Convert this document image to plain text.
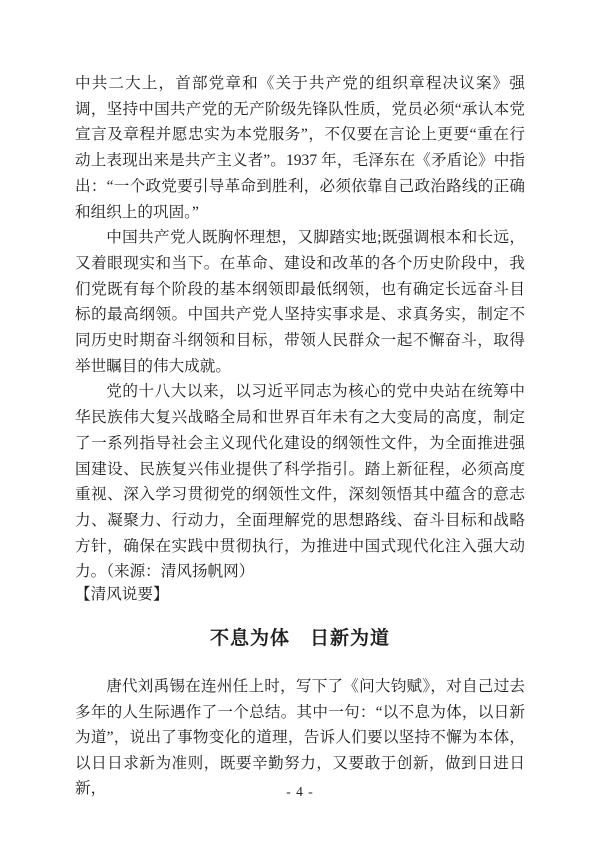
中共二大上，首部党章和《关于共产党的组织章程决议案》强调，坚持中国共产党的无产阶级先锋队性质，党员必须“承认本党宣言及章程并愿忠实为本党服务”，不仅要在言论上更要“重在行动上表现出来是共产主义者”。1937 年，毛泽东在《矛盾论》中指出：“一个政党要引导革命到胜利，必须依靠自己政治路线的正确和组织上的巩固。”

中国共产党人既胸怀理想，又脚踏实地;既强调根本和长远，又着眼现实和当下。在革命、建设和改革的各个历史阶段中，我们党既有每个阶段的基本纲领即最低纲领，也有确定长远奋斗目标的最高纲领。中国共产党人坚持实事求是、求真务实，制定不同历史时期奋斗纲领和目标，带领人民群众一起不懈奋斗，取得举世瞩目的伟大成就。

党的十八大以来，以习近平同志为核心的党中央站在统筹中华民族伟大复兴战略全局和世界百年未有之大变局的高度，制定了一系列指导社会主义现代化建设的纲领性文件，为全面推进强国建设、民族复兴伟业提供了科学指引。踏上新征程，必须高度重视、深入学习贯彻党的纲领性文件，深刻领悟其中蕴含的意志力、凝聚力、行动力，全面理解党的思想路线、奋斗目标和战略方针，确保在实践中贯彻执行，为推进中国式现代化注入强大动力。（来源：清风扬帆网）

【清风说要】
不息为体　日新为道

唐代刘禹锡在连州任上时，写下了《问大钧赋》，对自己过去多年的人生际遇作了一个总结。其中一句：“以不息为体，以日新为道”，说出了事物变化的道理，告诉人们要以坚持不懈为本体，以日日求新为准则，既要辛勤努力，又要敢于创新，做到日进日新，	- 4 -
